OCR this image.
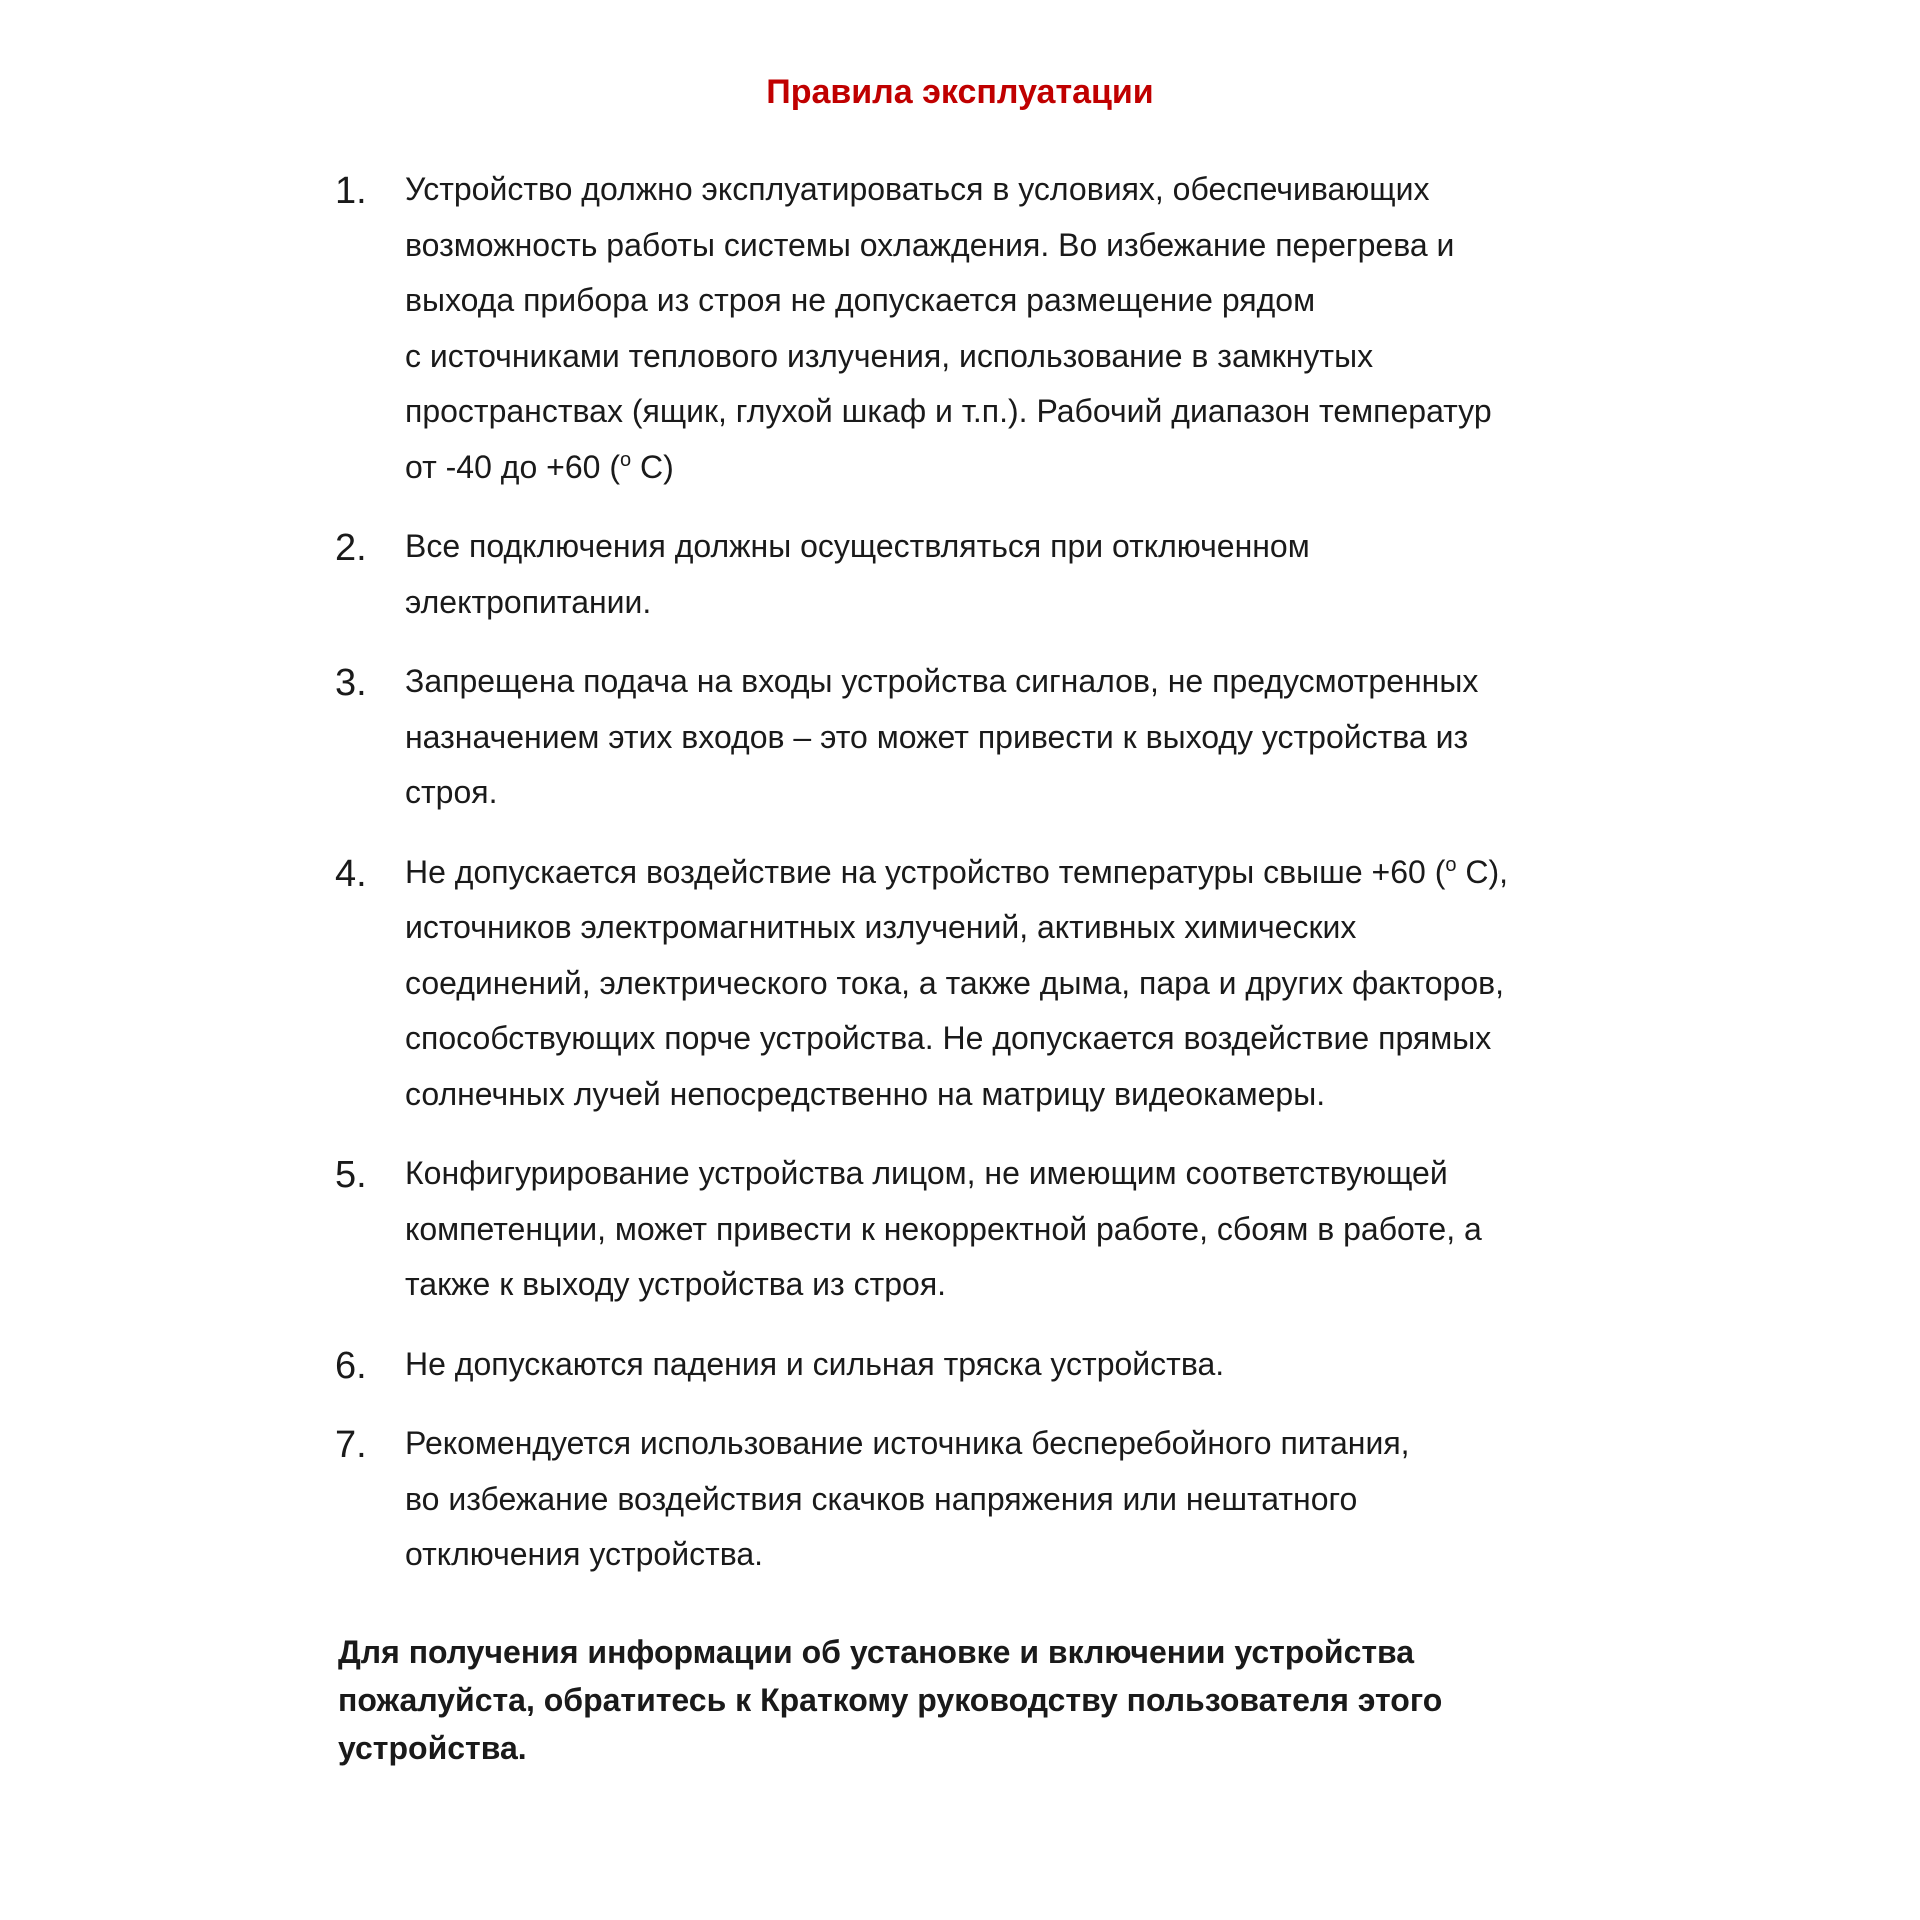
Правила эксплуатации
1. Устройство должно эксплуатироваться в условиях, обеспечивающих
возможность работы системы охлаждения. Во избежание перегрева и
выхода прибора из строя не допускается размещение рядом
с источниками теплового излучения, использование в замкнутых
пространствах (ящик, глухой шкаф и т.п.). Рабочий диапазон температур
от -40 до +60 ($^o$ С)
2. Все подключения должны осуществляться при отключенном
электропитании.
3. Запрещена подача на входы устройства сигналов, не предусмотренных
назначением этих входов – это может привести к выходу устройства из
строя.
4. Не допускается воздействие на устройство температуры свыше +60 ($^o$ С),
источников электромагнитных излучений, активных химических
соединений, электрического тока, а также дыма, пара и других факторов,
способствующих порче устройства. Не допускается воздействие прямых
солнечных лучей непосредственно на матрицу видеокамеры.
5. Конфигурирование устройства лицом, не имеющим соответствующей
компетенции, может привести к некорректной работе, сбоям в работе, а
также к выходу устройства из строя.
6. Не допускаются падения и сильная тряска устройства.
7. Рекомендуется использование источника бесперебойного питания,
во избежание воздействия скачков напряжения или нештатного
отключения устройства.

Для получения информации об установке и включении устройства
пожалуйста, обратитесь к Краткому руководству пользователя этого
устройства.
